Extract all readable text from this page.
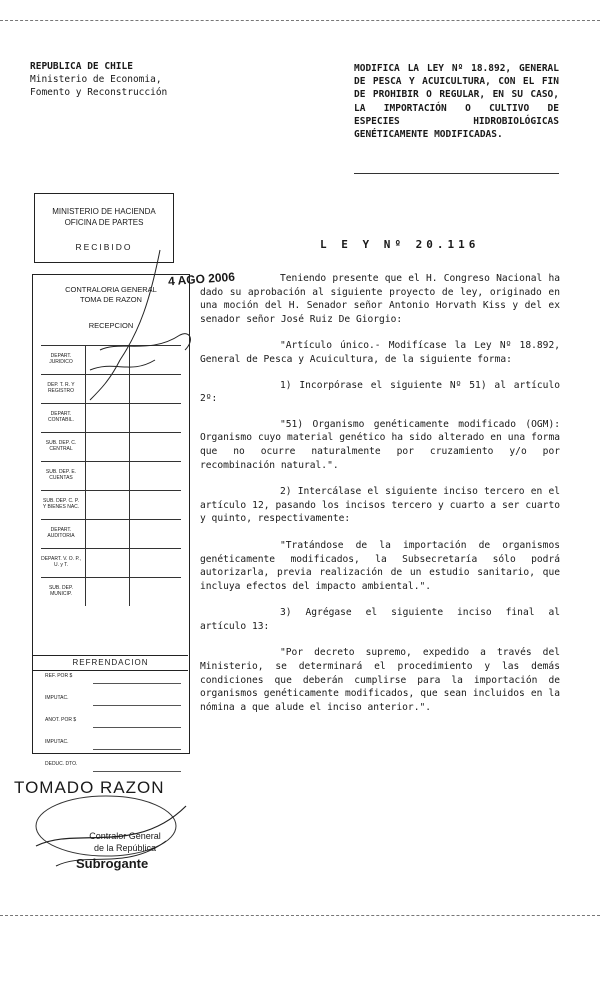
REPUBLICA DE CHILE
Ministerio de Economia,
Fomento y Reconstrucción
MODIFICA LA LEY Nº 18.892, GENERAL DE PESCA Y ACUICULTURA, CON EL FIN DE PROHIBIR O REGULAR, EN SU CASO, LA IMPORTACIÓN O CULTIVO DE ESPECIES HIDROBIOLÓGICAS GENÉTICAMENTE MODIFICADAS.
MINISTERIO DE HACIENDA
OFICINA DE PARTES
RECIBIDO
CONTRALORIA GENERAL
TOMA DE RAZON
RECEPCION
DEPART. JURIDICO
DEP. T. R. Y REGISTRO
DEPART. CONTABIL.
SUB. DEP. C. CENTRAL
SUB. DEP. E. CUENTAS
SUB. DEP. C. P. Y BIENES NAC.
DEPART. AUDITORIA
DEPART. V. O. P., U. y T.
SUB. DEP. MUNICIP.
REFRENDACION
REF. POR $
IMPUTAC.
ANOT. POR $
IMPUTAC.
DEDUC. DTO.
4 AGO 2006
TOMADO RAZON
Contralor General
de la República
Subrogante
L E Y Nº 20.116

Teniendo presente que el H. Congreso Nacional ha dado su aprobación al siguiente proyecto de ley, originado en una moción del H. Senador señor Antonio Horvath Kiss y del ex senador señor José Ruiz De Giorgio:

"Artículo único.- Modifícase la Ley Nº 18.892, General de Pesca y Acuicultura, de la siguiente forma:

1) Incorpórase el siguiente Nº 51) al artículo 2º:

"51) Organismo genéticamente modificado (OGM): Organismo cuyo material genético ha sido alterado en una forma que no ocurre naturalmente por cruzamiento y/o por recombinación natural.".

2) Intercálase el siguiente inciso tercero en el artículo 12, pasando los incisos tercero y cuarto a ser cuarto y quinto, respectivamente:

"Tratándose de la importación de organismos genéticamente modificados, la Subsecretaría sólo podrá autorizarla, previa realización de un estudio sanitario, que incluya efectos del impacto ambiental.".

3) Agrégase el siguiente inciso final al artículo 13:

"Por decreto supremo, expedido a través del Ministerio, se determinará el procedimiento y las demás condiciones que deberán cumplirse para la importación de organismos genéticamente modificados, que sean incluidos en la nómina a que alude el inciso anterior.".
